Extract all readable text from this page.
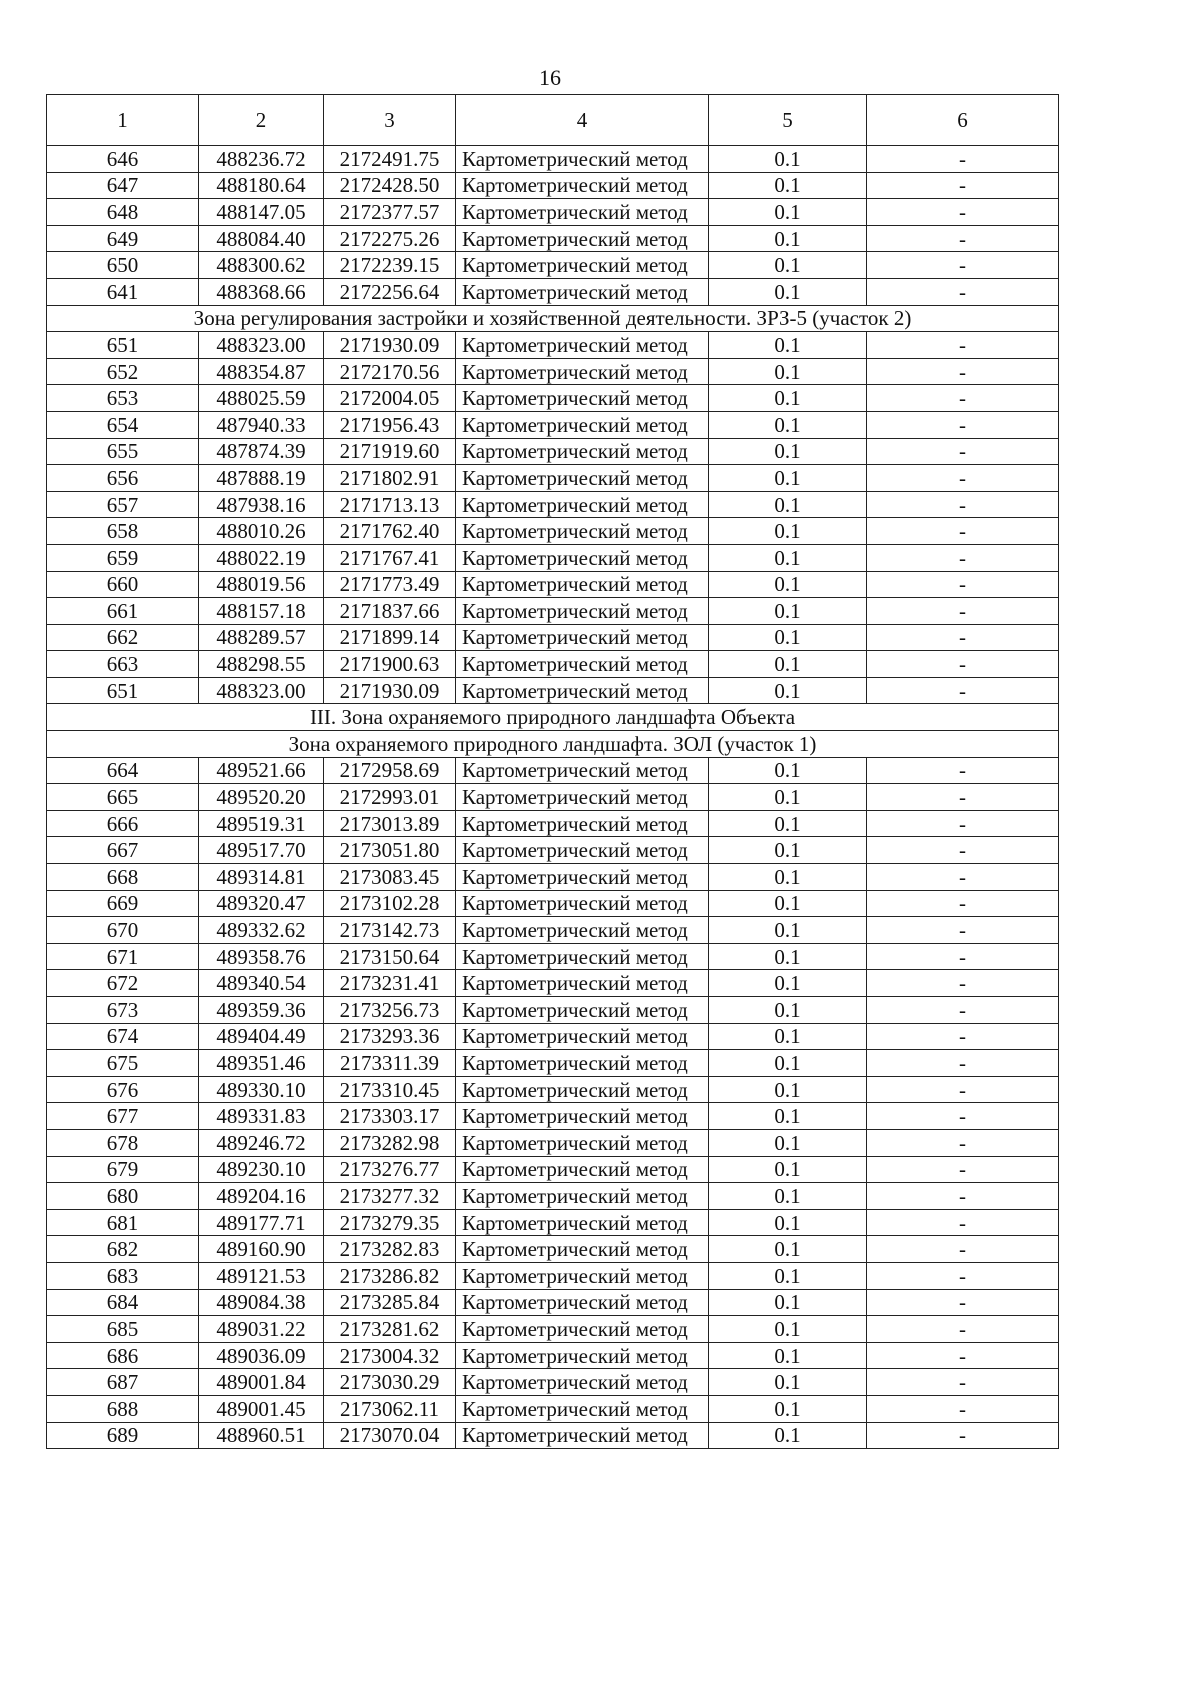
16
1	2	3	4	5	6
646	488236.72	2172491.75	Картометрический метод	0.1	-
647	488180.64	2172428.50	Картометрический метод	0.1	-
648	488147.05	2172377.57	Картометрический метод	0.1	-
649	488084.40	2172275.26	Картометрический метод	0.1	-
650	488300.62	2172239.15	Картометрический метод	0.1	-
641	488368.66	2172256.64	Картометрический метод	0.1	-
Зона регулирования застройки и хозяйственной деятельности. ЗРЗ-5 (участок 2)					
651	488323.00	2171930.09	Картометрический метод	0.1	-
652	488354.87	2172170.56	Картометрический метод	0.1	-
653	488025.59	2172004.05	Картометрический метод	0.1	-
654	487940.33	2171956.43	Картометрический метод	0.1	-
655	487874.39	2171919.60	Картометрический метод	0.1	-
656	487888.19	2171802.91	Картометрический метод	0.1	-
657	487938.16	2171713.13	Картометрический метод	0.1	-
658	488010.26	2171762.40	Картометрический метод	0.1	-
659	488022.19	2171767.41	Картометрический метод	0.1	-
660	488019.56	2171773.49	Картометрический метод	0.1	-
661	488157.18	2171837.66	Картометрический метод	0.1	-
662	488289.57	2171899.14	Картометрический метод	0.1	-
663	488298.55	2171900.63	Картометрический метод	0.1	-
651	488323.00	2171930.09	Картометрический метод	0.1	-
III. Зона охраняемого природного ландшафта Объекта					
Зона охраняемого природного ландшафта. ЗОЛ (участок 1)					
664	489521.66	2172958.69	Картометрический метод	0.1	-
665	489520.20	2172993.01	Картометрический метод	0.1	-
666	489519.31	2173013.89	Картометрический метод	0.1	-
667	489517.70	2173051.80	Картометрический метод	0.1	-
668	489314.81	2173083.45	Картометрический метод	0.1	-
669	489320.47	2173102.28	Картометрический метод	0.1	-
670	489332.62	2173142.73	Картометрический метод	0.1	-
671	489358.76	2173150.64	Картометрический метод	0.1	-
672	489340.54	2173231.41	Картометрический метод	0.1	-
673	489359.36	2173256.73	Картометрический метод	0.1	-
674	489404.49	2173293.36	Картометрический метод	0.1	-
675	489351.46	2173311.39	Картометрический метод	0.1	-
676	489330.10	2173310.45	Картометрический метод	0.1	-
677	489331.83	2173303.17	Картометрический метод	0.1	-
678	489246.72	2173282.98	Картометрический метод	0.1	-
679	489230.10	2173276.77	Картометрический метод	0.1	-
680	489204.16	2173277.32	Картометрический метод	0.1	-
681	489177.71	2173279.35	Картометрический метод	0.1	-
682	489160.90	2173282.83	Картометрический метод	0.1	-
683	489121.53	2173286.82	Картометрический метод	0.1	-
684	489084.38	2173285.84	Картометрический метод	0.1	-
685	489031.22	2173281.62	Картометрический метод	0.1	-
686	489036.09	2173004.32	Картометрический метод	0.1	-
687	489001.84	2173030.29	Картометрический метод	0.1	-
688	489001.45	2173062.11	Картометрический метод	0.1	-
689	488960.51	2173070.04	Картометрический метод	0.1	-
